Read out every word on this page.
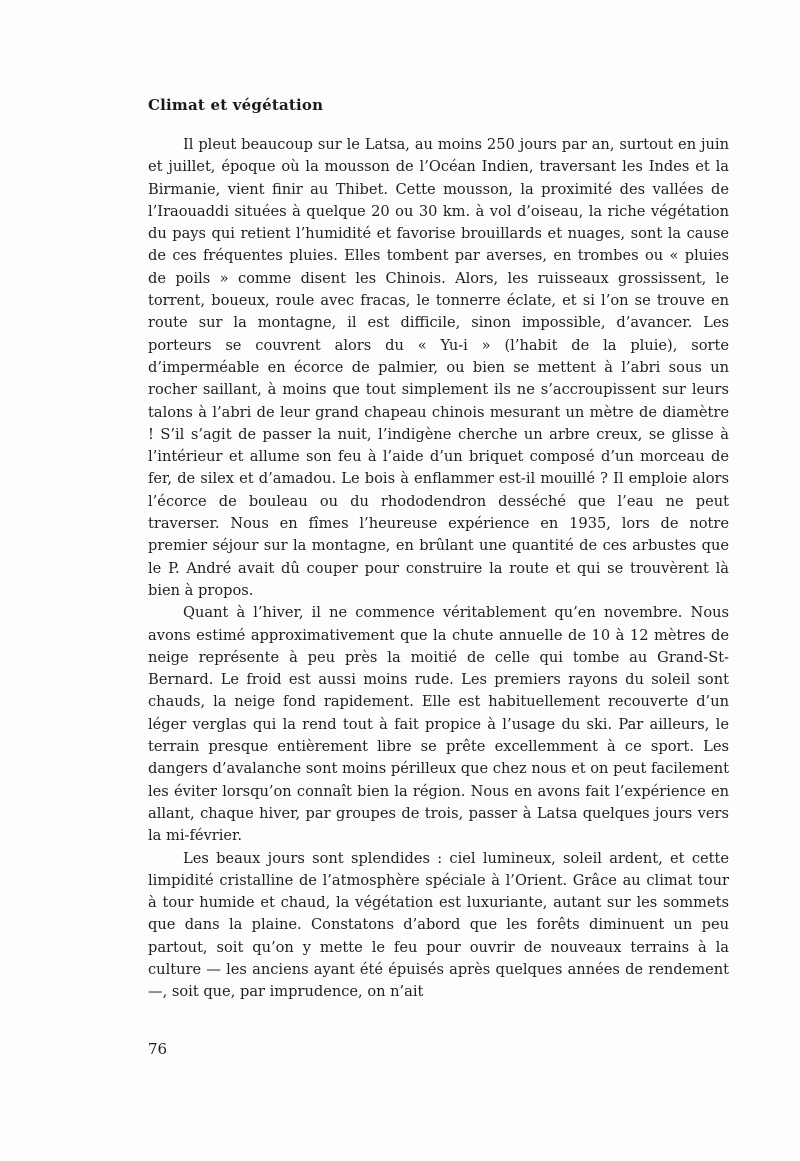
Climat et végétation

Il pleut beaucoup sur le Latsa, au moins 250 jours par an, surtout en juin et juillet, époque où la mousson de l’Océan Indien, traversant les Indes et la Birmanie, vient finir au Thibet. Cette mousson, la proximité des vallées de l’Iraouaddi situées à quelque 20 ou 30 km. à vol d’oiseau, la riche végétation du pays qui retient l’humidité et favorise brouillards et nuages, sont la cause de ces fréquentes pluies. Elles tombent par averses, en trombes ou « pluies de poils » comme disent les Chinois. Alors, les ruisseaux grossissent, le torrent, boueux, roule avec fracas, le tonnerre éclate, et si l’on se trouve en route sur la montagne, il est difficile, sinon impossible, d’avancer. Les porteurs se couvrent alors du « Yu-i » (l’habit de la pluie), sorte d’imperméable en écorce de palmier, ou bien se mettent à l’abri sous un rocher saillant, à moins que tout simplement ils ne s’accroupissent sur leurs talons à l’abri de leur grand chapeau chinois mesurant un mètre de diamètre ! S’il s’agit de passer la nuit, l’indigène cherche un arbre creux, se glisse à l’intérieur et allume son feu à l’aide d’un briquet composé d’un morceau de fer, de silex et d’amadou. Le bois à enflammer est-il mouillé ? Il emploie alors l’écorce de bouleau ou du rhododendron desséché que l’eau ne peut traverser. Nous en fîmes l’heureuse expérience en 1935, lors de notre premier séjour sur la montagne, en brûlant une quantité de ces arbustes que le P. André avait dû couper pour construire la route et qui se trouvèrent là bien à propos.

Quant à l’hiver, il ne commence véritablement qu’en novembre. Nous avons estimé approximativement que la chute annuelle de 10 à 12 mètres de neige représente à peu près la moitié de celle qui tombe au Grand-St-Bernard. Le froid est aussi moins rude. Les premiers rayons du soleil sont chauds, la neige fond rapidement. Elle est habituellement recouverte d’un léger verglas qui la rend tout à fait propice à l’usage du ski. Par ailleurs, le terrain presque entièrement libre se prête excellemment à ce sport. Les dangers d’avalanche sont moins périlleux que chez nous et on peut facilement les éviter lorsqu’on connaît bien la région. Nous en avons fait l’expérience en allant, chaque hiver, par groupes de trois, passer à Latsa quelques jours vers la mi-février.

Les beaux jours sont splendides : ciel lumineux, soleil ardent, et cette limpidité cristalline de l’atmosphère spéciale à l’Orient. Grâce au climat tour à tour humide et chaud, la végétation est luxuriante, autant sur les sommets que dans la plaine. Constatons d’abord que les forêts diminuent un peu partout, soit qu’on y mette le feu pour ouvrir de nouveaux terrains à la culture — les anciens ayant été épuisés après quelques années de rendement —, soit que, par imprudence, on n’ait

76
